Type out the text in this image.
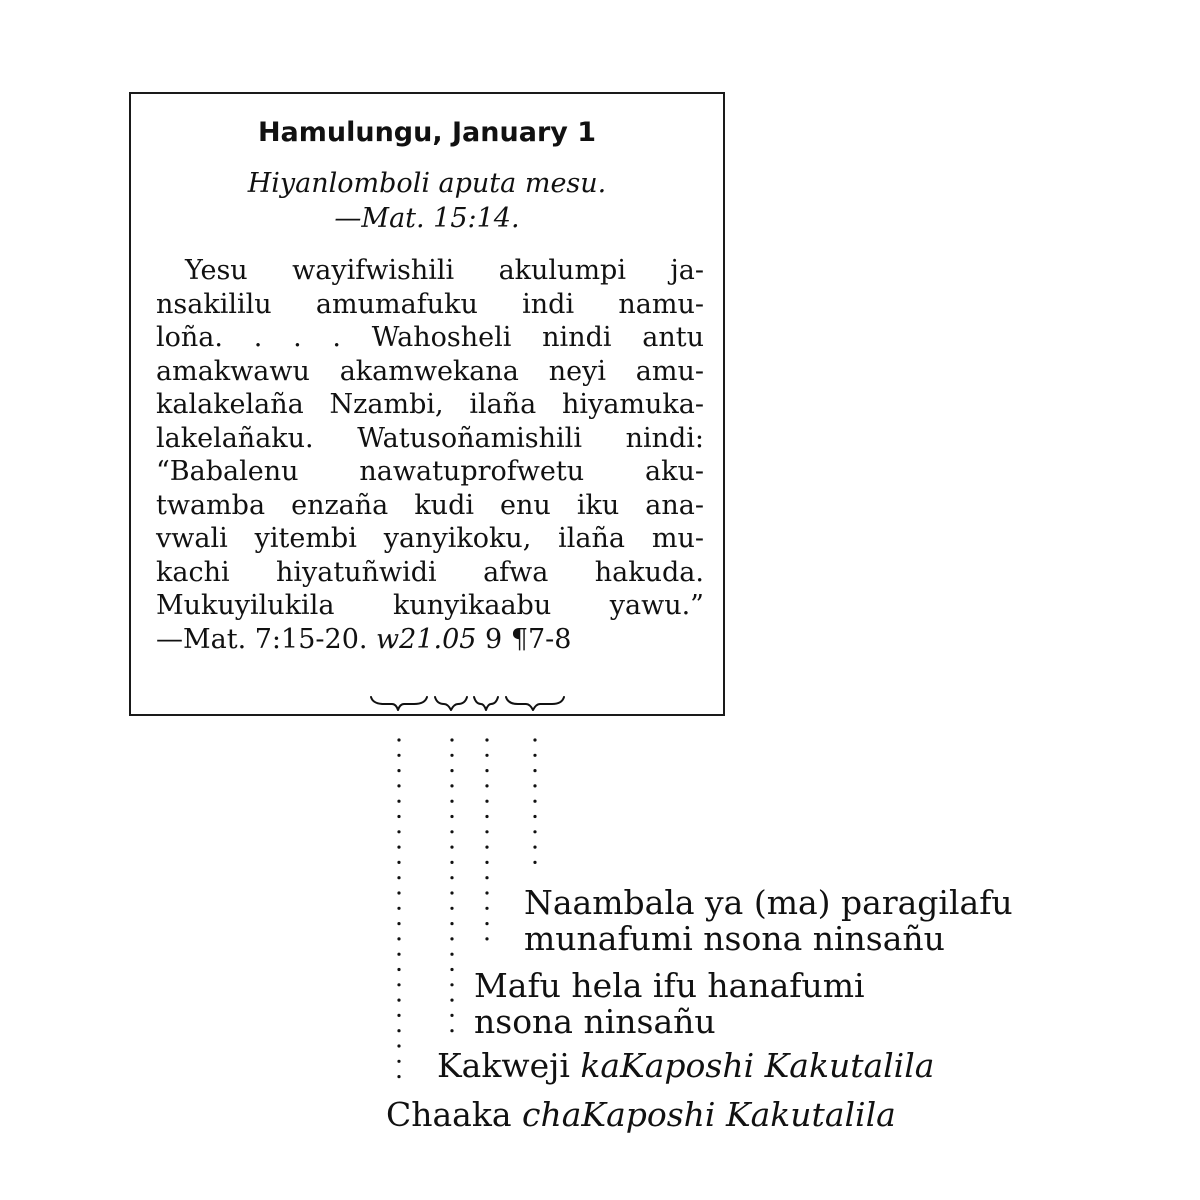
Hamulungu, January 1
Hiyanlomboli aputa mesu.
—Mat. 15:14.
Yesu wayifwishili akulumpi ja-
nsakililu amumafuku indi namu-
loña. . . . Wahosheli nindi antu
amakwawu akamwekana neyi amu-
kalakelaña Nzambi, ilaña hiyamuka-
lakelañaku. Watusoñamishili nindi:
“Babalenu nawatuprofwetu aku-
twamba enzaña kudi enu iku ana-
vwali yitembi yanyikoku, ilaña mu-
kachi hiyatuñwidi afwa hakuda.
Mukuyilukila kunyikaabu yawu.”
—Mat. 7:15-20. w21.05 9 ¶7-8
Naambala ya (ma) paragilafu
munafumi nsona ninsañu
Mafu hela ifu hanafumi
nsona ninsañu
Kakweji kaKaposhi Kakutalila
Chaaka chaKaposhi Kakutalila
